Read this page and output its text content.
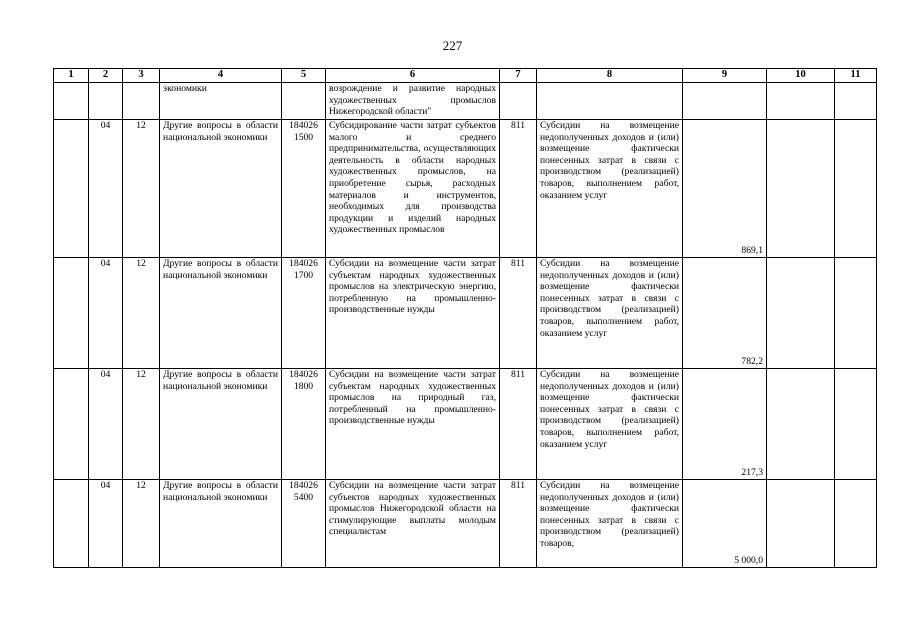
227
1	2	3	4	5	6	7	8	9	10	11
			экономики		возрождение и развитие народных художественных промыслов Нижегородской области"					
	04	12	Другие вопросы в области национальной экономики	184026 1500	Субсидирование части затрат субъектов малого и среднего предпринимательства, осуществляющих деятельность в области народных художественных промыслов, на приобретение сырья, расходных материалов и инструментов, необходимых для производства продукции и изделий народных художественных промыслов	811	Субсидии на возмещение недополученных доходов и (или) возмещение фактически понесенных затрат в связи с производством (реализацией) товаров, выполнением работ, оказанием услуг	869,1		
	04	12	Другие вопросы в области национальной экономики	184026 1700	Субсидии на возмещение части затрат субъектам народных художественных промыслов на электрическую энергию, потребленную на промышленно-производственные нужды	811	Субсидии на возмещение недополученных доходов и (или) возмещение фактически понесенных затрат в связи с производством (реализацией) товаров, выполнением работ, оказанием услуг	782,2		
	04	12	Другие вопросы в области национальной экономики	184026 1800	Субсидии на возмещение части затрат субъектам народных художественных промыслов на природный газ, потребленный на промышленно-производственные нужды	811	Субсидии на возмещение недополученных доходов и (или) возмещение фактически понесенных затрат в связи с производством (реализацией) товаров, выполнением работ, оказанием услуг	217,3		
	04	12	Другие вопросы в области национальной экономики	184026 5400	Субсидии на возмещение части затрат субъектов народных художественных промыслов Нижегородской области на стимулирующие выплаты молодым специалистам	811	Субсидии на возмещение недополученных доходов и (или) возмещение фактически понесенных затрат в связи с производством (реализацией) товаров,	5 000,0		
